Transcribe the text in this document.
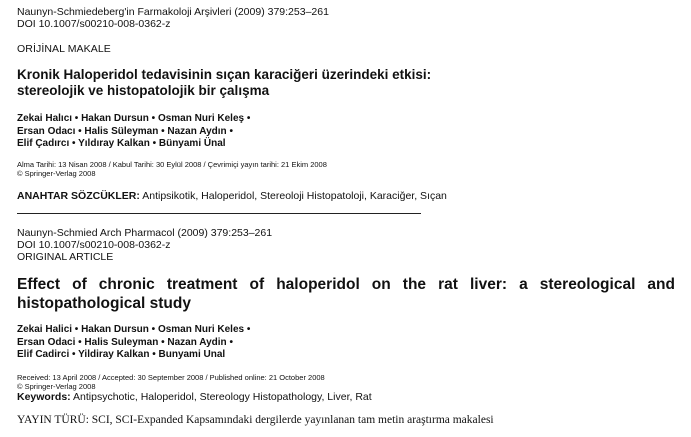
Naunyn-Schmiedeberg'in Farmakoloji Arşivleri (2009) 379:253–261
DOI 10.1007/s00210-008-0362-z
ORİJİNAL MAKALE
Kronik Haloperidol tedavisinin sıçan karaciğeri üzerindeki etkisi:
stereolojik ve histopatolojik bir çalışma
Zekai Halıcı • Hakan Dursun • Osman Nuri Keleş •
Ersan Odacı • Halis Süleyman • Nazan Aydın •
Elif Çadırcı • Yıldıray Kalkan • Bünyami Ünal
Alma Tarihi: 13 Nisan 2008 / Kabul Tarihi: 30 Eylül 2008 / Çevrimiçi yayın tarihi: 21 Ekim 2008
© Springer-Verlag 2008
ANAHTAR SÖZCÜKLER: Antipsikotik, Haloperidol, Stereoloji Histopatoloji, Karaciğer, Sıçan
Naunyn-Schmied Arch Pharmacol (2009) 379:253–261
DOI 10.1007/s00210-008-0362-z
ORIGINAL ARTICLE
Effect of chronic treatment of haloperidol on the rat liver: a stereological and
histopathological study
Zekai Halici • Hakan Dursun • Osman Nuri Keles •
Ersan Odaci • Halis Suleyman • Nazan Aydin •
Elif Cadirci • Yildiray Kalkan • Bunyami Unal
Received: 13 April 2008 / Accepted: 30 September 2008 / Published online: 21 October 2008
© Springer-Verlag 2008
Keywords: Antipsychotic, Haloperidol, Stereology Histopathology, Liver, Rat
YAYIN TÜRÜ: SCI, SCI-Expanded Kapsamındaki dergilerde yayınlanan tam metin araştırma makalesi
